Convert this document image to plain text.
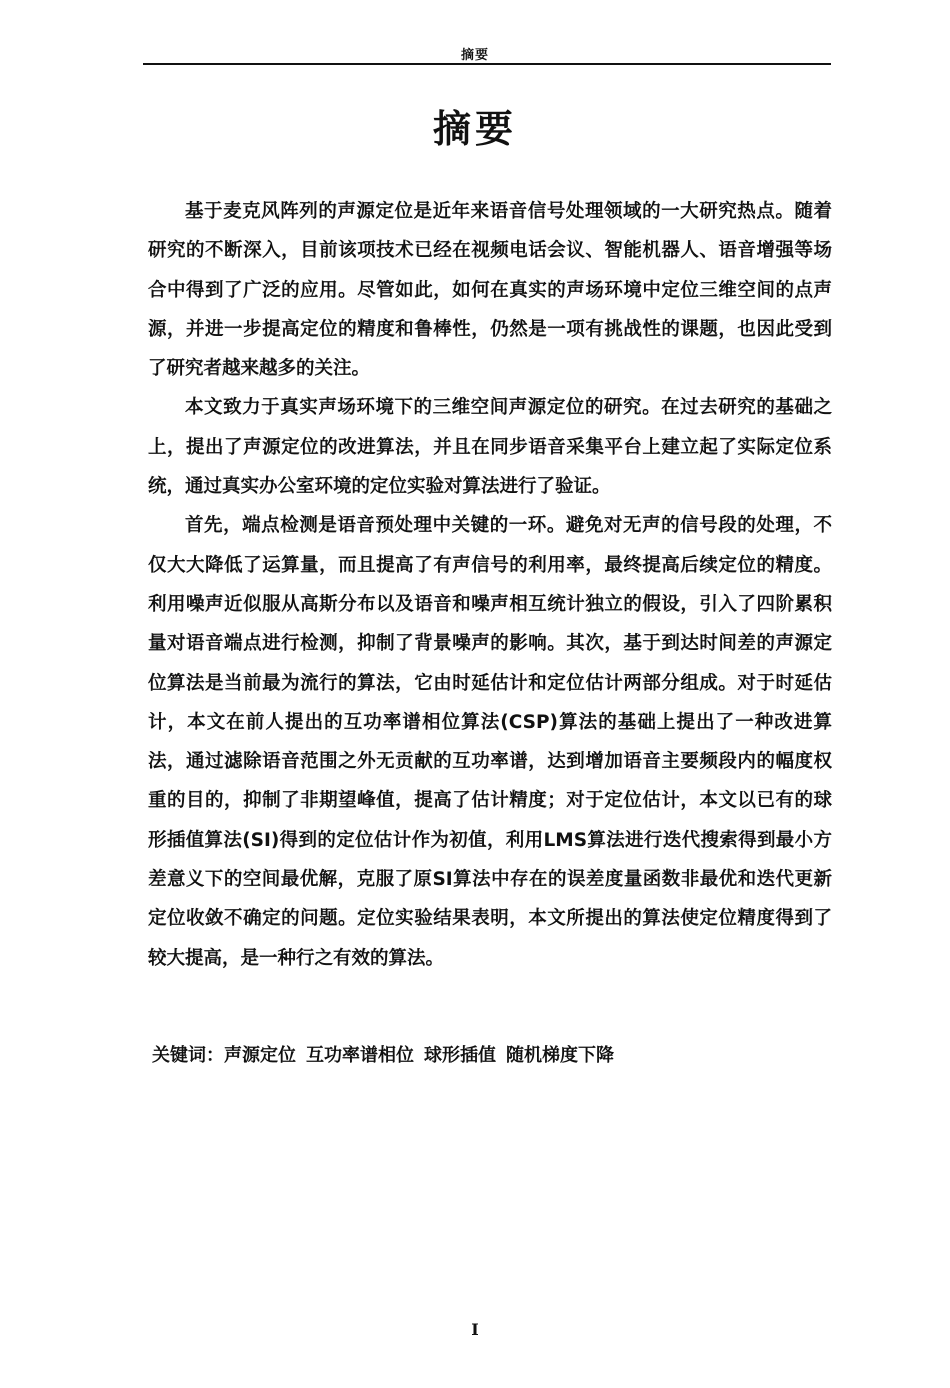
摘要
摘要

基于麦克风阵列的声源定位是近年来语音信号处理领域的一大研究热点。随着研究的不断深入，目前该项技术已经在视频电话会议、智能机器人、语音增强等场合中得到了广泛的应用。尽管如此，如何在真实的声场环境中定位三维空间的点声源，并进一步提高定位的精度和鲁棒性，仍然是一项有挑战性的课题，也因此受到了研究者越来越多的关注。

本文致力于真实声场环境下的三维空间声源定位的研究。在过去研究的基础之上，提出了声源定位的改进算法，并且在同步语音采集平台上建立起了实际定位系统，通过真实办公室环境的定位实验对算法进行了验证。

首先，端点检测是语音预处理中关键的一环。避免对无声的信号段的处理，不仅大大降低了运算量，而且提高了有声信号的利用率，最终提高后续定位的精度。利用噪声近似服从高斯分布以及语音和噪声相互统计独立的假设，引入了四阶累积量对语音端点进行检测，抑制了背景噪声的影响。其次，基于到达时间差的声源定位算法是当前最为流行的算法，它由时延估计和定位估计两部分组成。对于时延估计，本文在前人提出的互功率谱相位算法(CSP)算法的基础上提出了一种改进算法，通过滤除语音范围之外无贡献的互功率谱，达到增加语音主要频段内的幅度权重的目的，抑制了非期望峰值，提高了估计精度；对于定位估计，本文以已有的球形插值算法(SI)得到的定位估计作为初值，利用LMS算法进行迭代搜索得到最小方差意义下的空间最优解，克服了原SI算法中存在的误差度量函数非最优和迭代更新定位收敛不确定的问题。定位实验结果表明，本文所提出的算法使定位精度得到了较大提高，是一种行之有效的算法。

关键词：声源定位 互功率谱相位 球形插值 随机梯度下降
I
